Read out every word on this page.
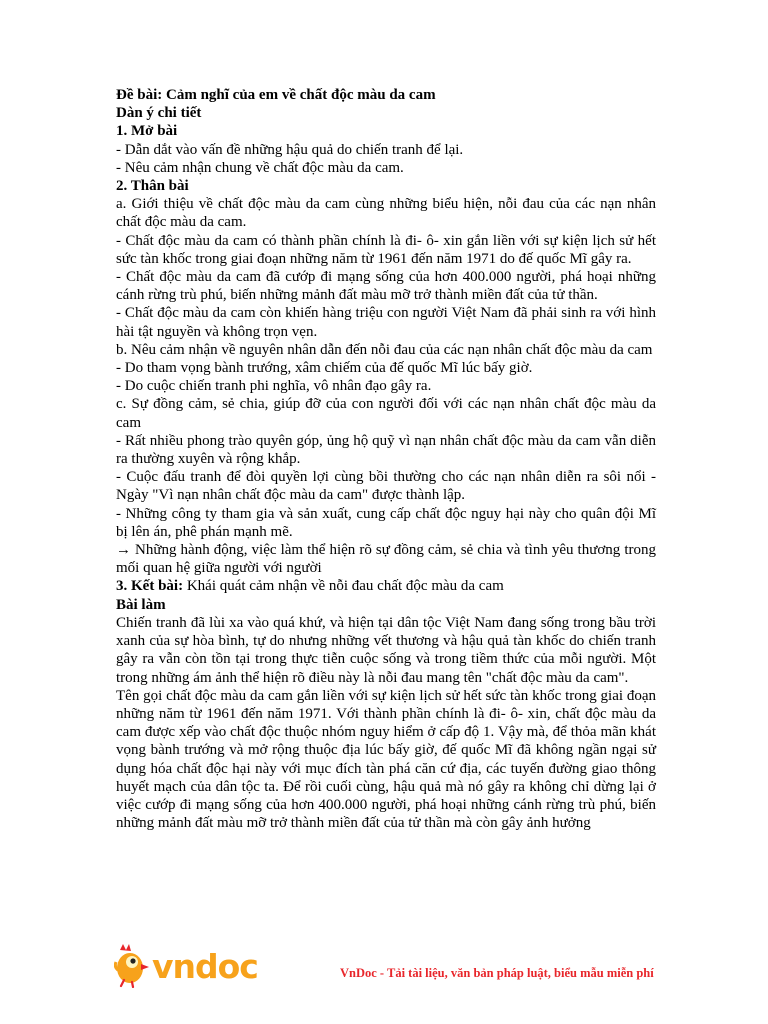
Đề bài: Cảm nghĩ của em về chất độc màu da cam

Dàn ý chi tiết

1. Mở bài

- Dẫn dắt vào vấn đề những hậu quả do chiến tranh để lại.

- Nêu cảm nhận chung về chất độc màu da cam.

2. Thân bài

a. Giới thiệu về chất độc màu da cam cùng những biểu hiện, nỗi đau của các nạn nhân chất độc màu da cam.

- Chất độc màu da cam có thành phần chính là đi- ô- xin gắn liền với sự kiện lịch sử hết sức tàn khốc trong giai đoạn những năm từ 1961 đến năm 1971 do đế quốc Mĩ gây ra.

- Chất độc màu da cam đã cướp đi mạng sống của hơn 400.000 người, phá hoại những cánh rừng trù phú, biến những mảnh đất màu mỡ trở thành miền đất của tử thần.

- Chất độc màu da cam còn khiến hàng triệu con người Việt Nam đã phải sinh ra với hình hài tật nguyền và không trọn vẹn.

b. Nêu cảm nhận về nguyên nhân dẫn đến nỗi đau của các nạn nhân chất độc màu da cam

- Do tham vọng bành trướng, xâm chiếm của đế quốc Mĩ lúc bấy giờ.

- Do cuộc chiến tranh phi nghĩa, vô nhân đạo gây ra.

c. Sự đồng cảm, sẻ chia, giúp đỡ của con người đối với các nạn nhân chất độc màu da cam

- Rất nhiều phong trào quyên góp, ủng hộ quỹ vì nạn nhân chất độc màu da cam vẫn diễn ra thường xuyên và rộng khắp.

- Cuộc đấu tranh để đòi quyền lợi cùng bồi thường cho các nạn nhân diễn ra sôi nổi - Ngày "Vì nạn nhân chất độc màu da cam" được thành lập.

- Những công ty tham gia và sản xuất, cung cấp chất độc nguy hại này cho quân đội Mĩ bị lên án, phê phán mạnh mẽ.

→ Những hành động, việc làm thể hiện rõ sự đồng cảm, sẻ chia và tình yêu thương trong mối quan hệ giữa người với người

3. Kết bài: Khái quát cảm nhận về nỗi đau chất độc màu da cam

Bài làm

Chiến tranh đã lùi xa vào quá khứ, và hiện tại dân tộc Việt Nam đang sống trong bầu trời xanh của sự hòa bình, tự do nhưng những vết thương và hậu quả tàn khốc do chiến tranh gây ra vẫn còn tồn tại trong thực tiễn cuộc sống và trong tiềm thức của mỗi người. Một trong những ám ảnh thể hiện rõ điều này là nỗi đau mang tên "chất độc màu da cam".

Tên gọi chất độc màu da cam gắn liền với sự kiện lịch sử hết sức tàn khốc trong giai đoạn những năm từ 1961 đến năm 1971. Với thành phần chính là đi- ô- xin, chất độc màu da cam được xếp vào chất độc thuộc nhóm nguy hiểm ở cấp độ 1. Vậy mà, để thỏa mãn khát vọng bành trướng và mở rộng thuộc địa lúc bấy giờ, đế quốc Mĩ đã không ngần ngại sử dụng hóa chất độc hại này với mục đích tàn phá căn cứ địa, các tuyến đường giao thông huyết mạch của dân tộc ta. Để rồi cuối cùng, hậu quả mà nó gây ra không chỉ dừng lại ở việc cướp đi mạng sống của hơn 400.000 người, phá hoại những cánh rừng trù phú, biến những mảnh đất màu mỡ trở thành miền đất của tử thần mà còn gây ảnh hưởng

vndoc	VnDoc - Tải tài liệu, văn bản pháp luật, biểu mẫu miễn phí
